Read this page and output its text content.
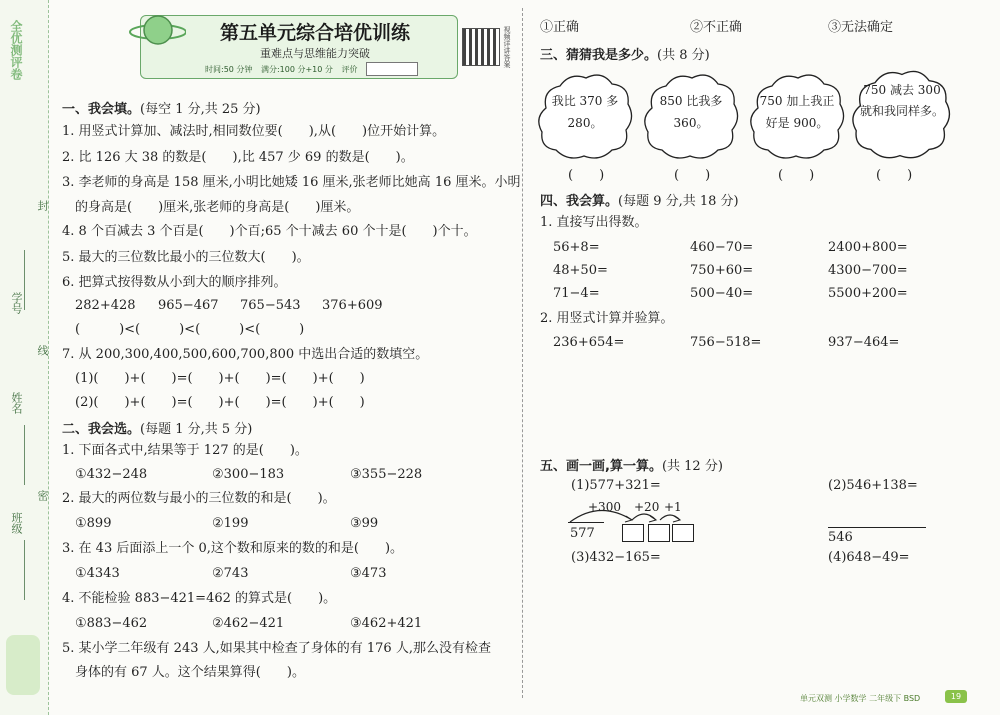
全优测评卷
学号
姓名
班级
封
线
密
第五单元综合培优训练
重难点与思维能力突破
时间:50 分钟 满分:100 分+10 分 评价
视频详讲答案
一、我会填。(每空 1 分,共 25 分)
1. 用竖式计算加、减法时,相同数位要(　　),从(　　)位开始计算。
2. 比 126 大 38 的数是(　　),比 457 少 69 的数是(　　)。
3. 李老师的身高是 158 厘米,小明比她矮 16 厘米,张老师比她高 16 厘米。小明
的身高是(　　)厘米,张老师的身高是(　　)厘米。
4. 8 个百减去 3 个百是(　　)个百;65 个十减去 60 个十是(　　)个十。
5. 最大的三位数比最小的三位数大(　　)。
6. 把算式按得数从小到大的顺序排列。
282+428 965−467 765−543 376+609
(　　　)<(　　　)<(　　　)<(　　　)
7. 从 200,300,400,500,600,700,800 中选出合适的数填空。
(1)(　　)+(　　)=(　　)+(　　)=(　　)+(　　)
(2)(　　)+(　　)=(　　)+(　　)=(　　)+(　　)
二、我会选。(每题 1 分,共 5 分)
1. 下面各式中,结果等于 127 的是(　　)。
①432−248	②300−183	③355−228
2. 最大的两位数与最小的三位数的和是(　　)。
①899	②199	③99
3. 在 43 后面添上一个 0,这个数和原来的数的和是(　　)。
①4343	②743	③473
4. 不能检验 883−421=462 的算式是(　　)。
①883−462	②462−421	③462+421
5. 某小学二年级有 243 人,如果其中检查了身体的有 176 人,那么没有检查
身体的有 67 人。这个结果算得(　　)。
①正确	②不正确	③无法确定
三、猜猜我是多少。(共 8 分)
我比 370 多 280。
850 比我多 360。
750 加上我正好是 900。
750 减去 300 就和我同样多。
(　　)	(　　)	(　　)	(　　)
四、我会算。(每题 9 分,共 18 分)
1. 直接写出得数。
56+8=	460−70=	2400+800=
48+50=	750+60=	4300−700=
71−4=	500−40=	5500+200=
2. 用竖式计算并验算。
236+654=	756−518=	937−464=
五、画一画,算一算。(共 12 分)
(1)577+321=	(2)546+138=
+300 +20 +1
577	546
(3)432−165=	(4)648−49=
单元双测 小学数学 二年级下 BSD	19
